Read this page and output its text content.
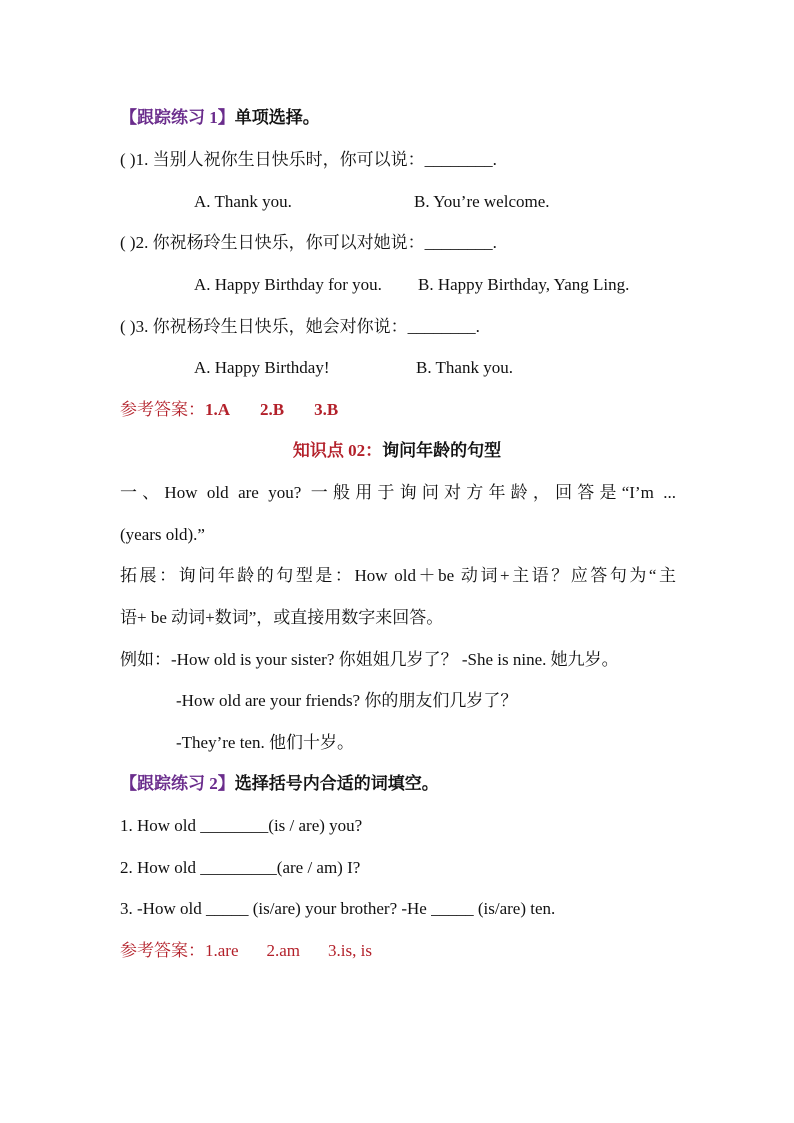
【跟踪练习 1】单项选择。
( )1. 当别人祝你生日快乐时，你可以说：________.
A. Thank you.	B. You’re welcome.
( )2. 你祝杨玲生日快乐，你可以对她说：________.
A. Happy Birthday for you. B. Happy Birthday, Yang Ling.
( )3. 你祝杨玲生日快乐，她会对你说：________.
A. Happy Birthday!	B. Thank you.
参考答案：1.A 2.B 3.B
知识点 02：询问年龄的句型
一、How old are you? 一般用于询问对方年龄，回答是“I’m ...
(years old).”
拓展：询问年龄的句型是：How old＋be 动词+主语？应答句为“主
语+ be 动词+数词”，或直接用数字来回答。
例如：-How old is your sister? 你姐姐几岁了？ -She is nine. 她九岁。
-How old are your friends? 你的朋友们几岁了？
-They’re ten. 他们十岁。
【跟踪练习 2】选择括号内合适的词填空。
1. How old ________(is / are) you?
2. How old _________(are / am) I?
3. -How old _____ (is/are) your brother? -He _____ (is/are) ten.
参考答案：1.are 2.am 3.is, is
